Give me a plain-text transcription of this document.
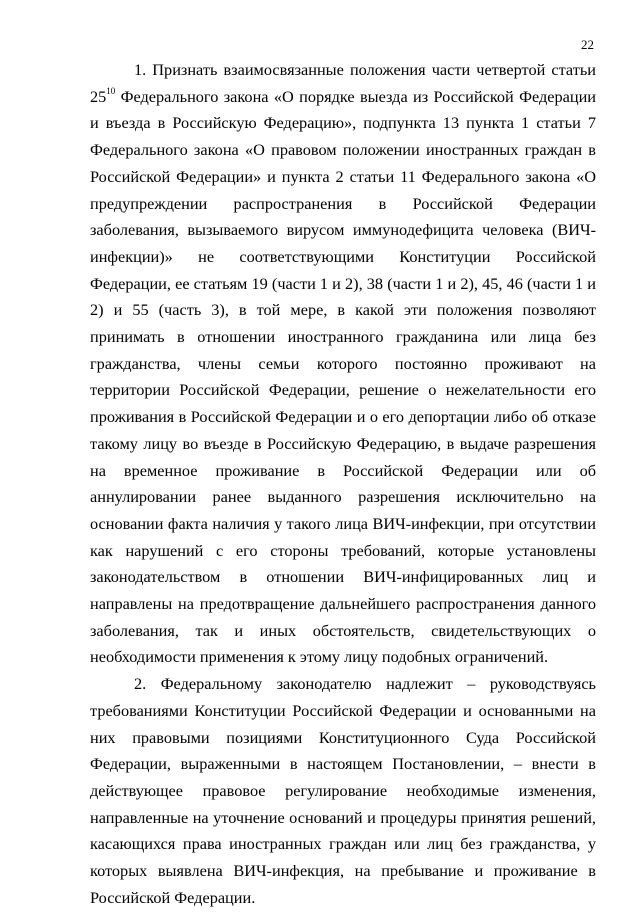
22

1. Признать взаимосвязанные положения части четвертой статьи $25^{10}$ Федерального закона «О порядке выезда из Российской Федерации и въезда в Российскую Федерацию», подпункта 13 пункта 1 статьи 7 Федерального закона «О правовом положении иностранных граждан в Российской Федерации» и пункта 2 статьи 11 Федерального закона «О предупреждении распространения в Российской Федерации заболевания, вызываемого вирусом иммунодефицита человека (ВИЧ-инфекции)» не соответствующими Конституции Российской Федерации, ее статьям 19 (части 1 и 2), 38 (части 1 и 2), 45, 46 (части 1 и 2) и 55 (часть 3), в той мере, в какой эти положения позволяют принимать в отношении иностранного гражданина или лица без гражданства, члены семьи которого постоянно проживают на территории Российской Федерации, решение о нежелательности его проживания в Российской Федерации и о его депортации либо об отказе такому лицу во въезде в Российскую Федерацию, в выдаче разрешения на временное проживание в Российской Федерации или об аннулировании ранее выданного разрешения исключительно на основании факта наличия у такого лица ВИЧ-инфекции, при отсутствии как нарушений с его стороны требований, которые установлены законодательством в отношении ВИЧ-инфицированных лиц и направлены на предотвращение дальнейшего распространения данного заболевания, так и иных обстоятельств, свидетельствующих о необходимости применения к этому лицу подобных ограничений.

2. Федеральному законодателю надлежит – руководствуясь требованиями Конституции Российской Федерации и основанными на них правовыми позициями Конституционного Суда Российской Федерации, выраженными в настоящем Постановлении, – внести в действующее правовое регулирование необходимые изменения, направленные на уточнение оснований и процедуры принятия решений, касающихся права иностранных граждан или лиц без гражданства, у которых выявлена ВИЧ-инфекция, на пребывание и проживание в Российской Федерации.
